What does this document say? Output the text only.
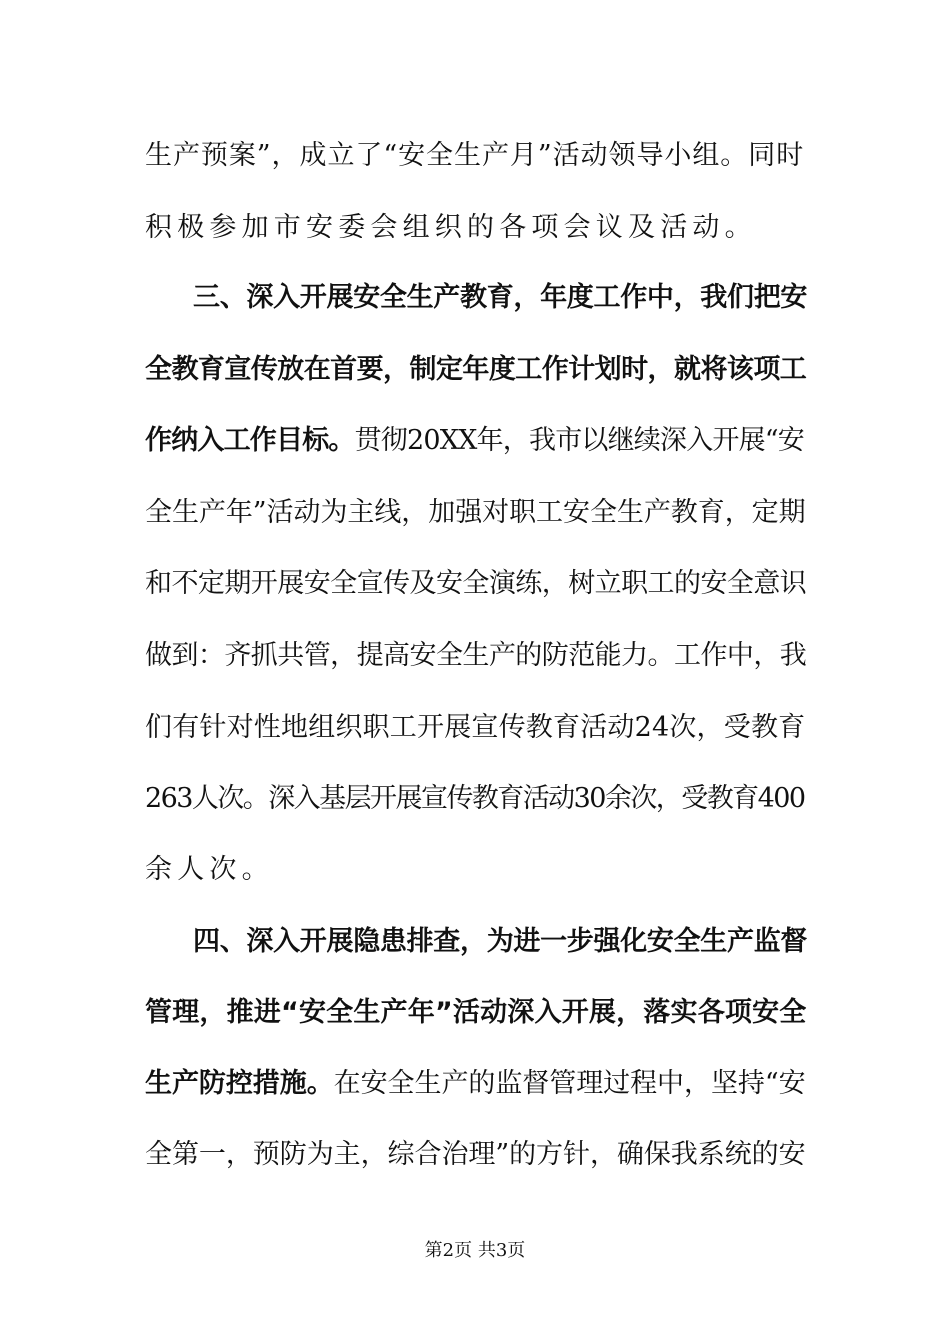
生产预案”，成立了“安全生产月”活动领导小组。同时
积极参加市安委会组织的各项会议及活动。
三、深入开展安全生产教育，年度工作中，我们把安
全教育宣传放在首要，制定年度工作计划时，就将该项工
作纳入工作目标。贯彻20XX年，我市以继续深入开展“安
全生产年”活动为主线，加强对职工安全生产教育，定期
和不定期开展安全宣传及安全演练，树立职工的安全意识
做到：齐抓共管，提高安全生产的防范能力。工作中，我
们有针对性地组织职工开展宣传教育活动24次，受教育
263人次。深入基层开展宣传教育活动30余次，受教育400
余人次。
四、深入开展隐患排查，为进一步强化安全生产监督
管理，推进“安全生产年”活动深入开展，落实各项安全
生产防控措施。在安全生产的监督管理过程中，坚持“安
全第一，预防为主，综合治理”的方针，确保我系统的安
第2页 共3页
